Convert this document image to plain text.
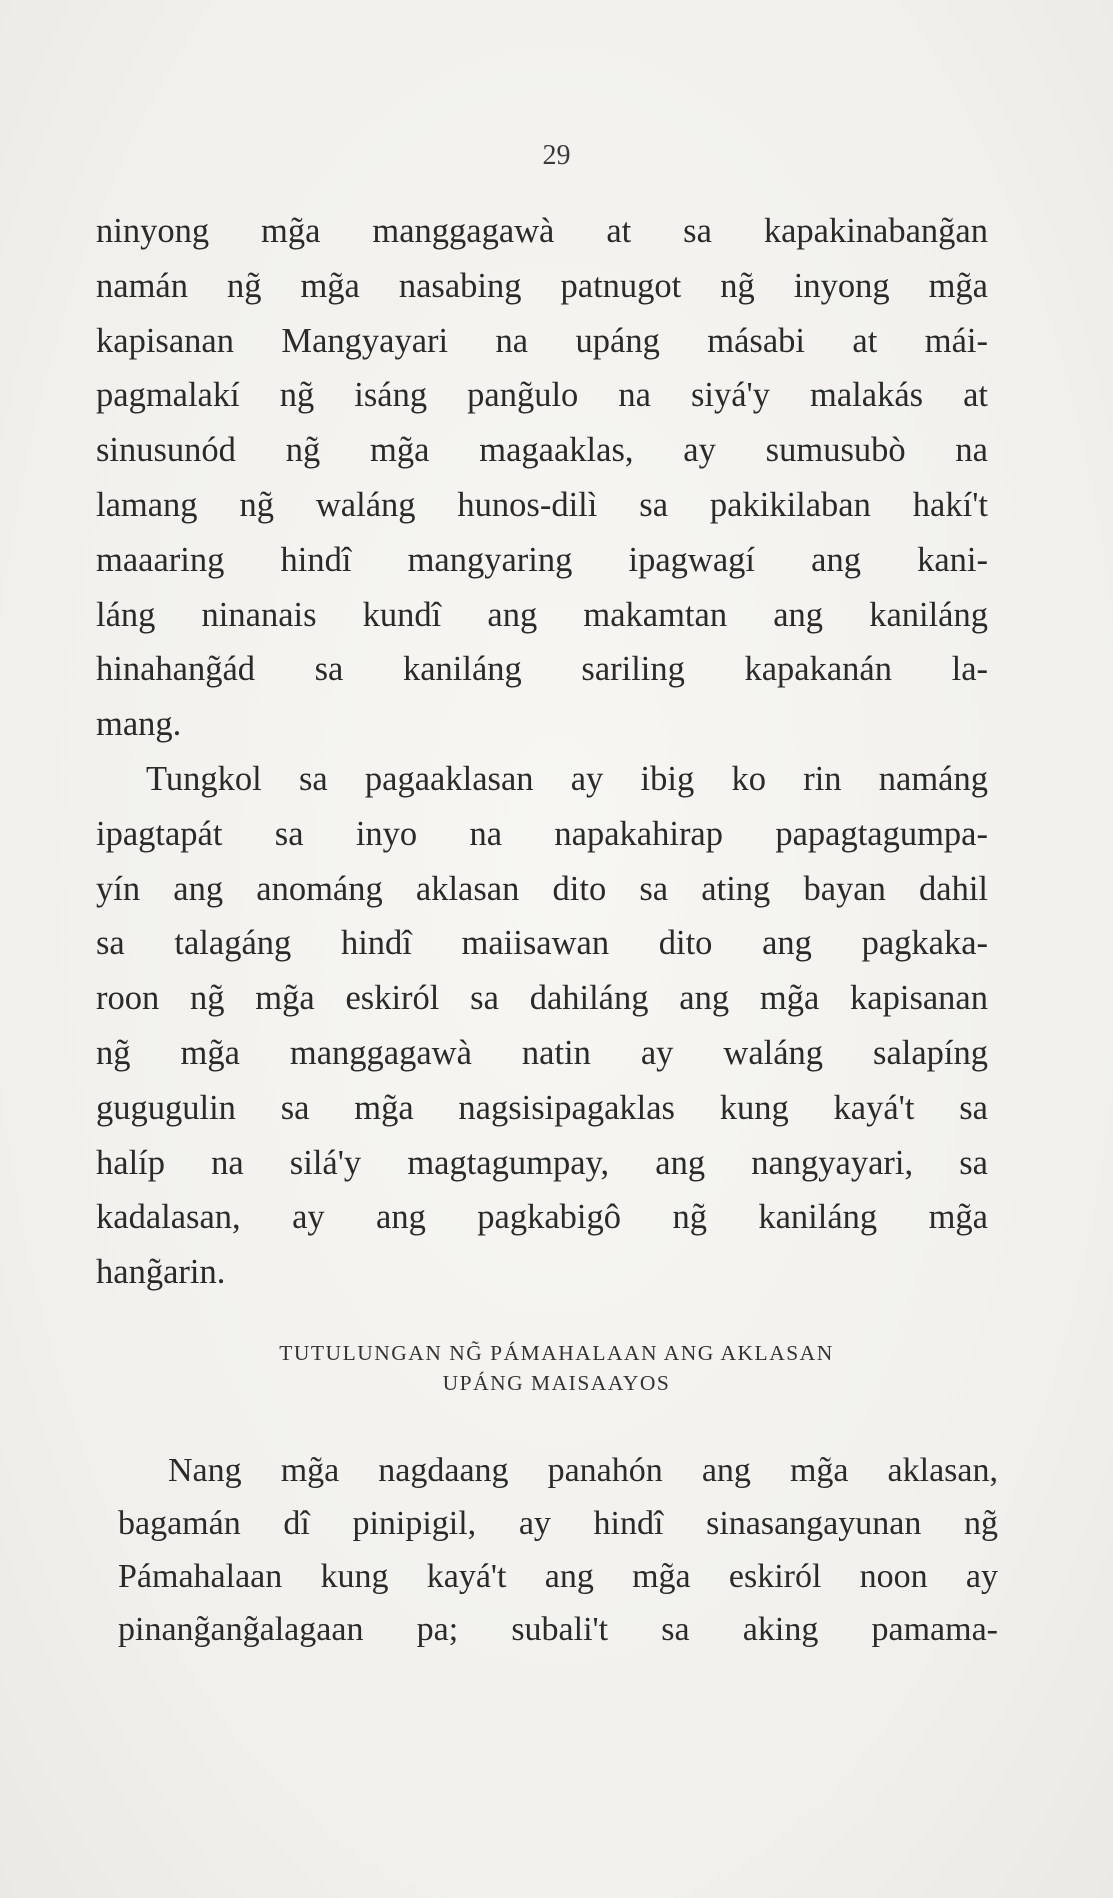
29
ninyong mg̃a manggagawà at sa kapakinabang̃an
namán ng̃ mg̃a nasabing patnugot ng̃ inyong mg̃a
kapisanan Mangyayari na upáng másabi at mái-
pagmalakí ng̃ isáng pang̃ulo na siyá'y malakás at
sinusunód ng̃ mg̃a magaaklas, ay sumusubò na
lamang ng̃ waláng hunos-dilì sa pakikilaban hakí't
maaaring hindî mangyaring ipagwagí ang kani-
láng ninanais kundî ang makamtan ang kaniláng
hinahang̃ád sa kaniláng sariling kapakanán la-
mang.
Tungkol sa pagaaklasan ay ibig ko rin namáng
ipagtapát sa inyo na napakahirap papagtagumpa-
yín ang anománg aklasan dito sa ating bayan dahil
sa talagáng hindî maiisawan dito ang pagkaka-
roon ng̃ mg̃a eskiról sa dahiláng ang mg̃a kapisanan
ng̃ mg̃a manggagawà natin ay waláng salapíng
gugugulin sa mg̃a nagsisipagaklas kung kayá't sa
halíp na silá'y magtagumpay, ang nangyayari, sa
kadalasan, ay ang pagkabigô ng̃ kaniláng mg̃a
hang̃arin.
TUTULUNGAN NG̃ PÁMAHALAAN ANG AKLASAN
UPÁNG MAISAAYOS
Nang mg̃a nagdaang panahón ang mg̃a aklasan,
bagamán dî pinipigil, ay hindî sinasangayunan ng̃
Pámahalaan kung kayá't ang mg̃a eskiról noon ay
pinang̃ang̃alagaan pa; subali't sa aking pamama-
